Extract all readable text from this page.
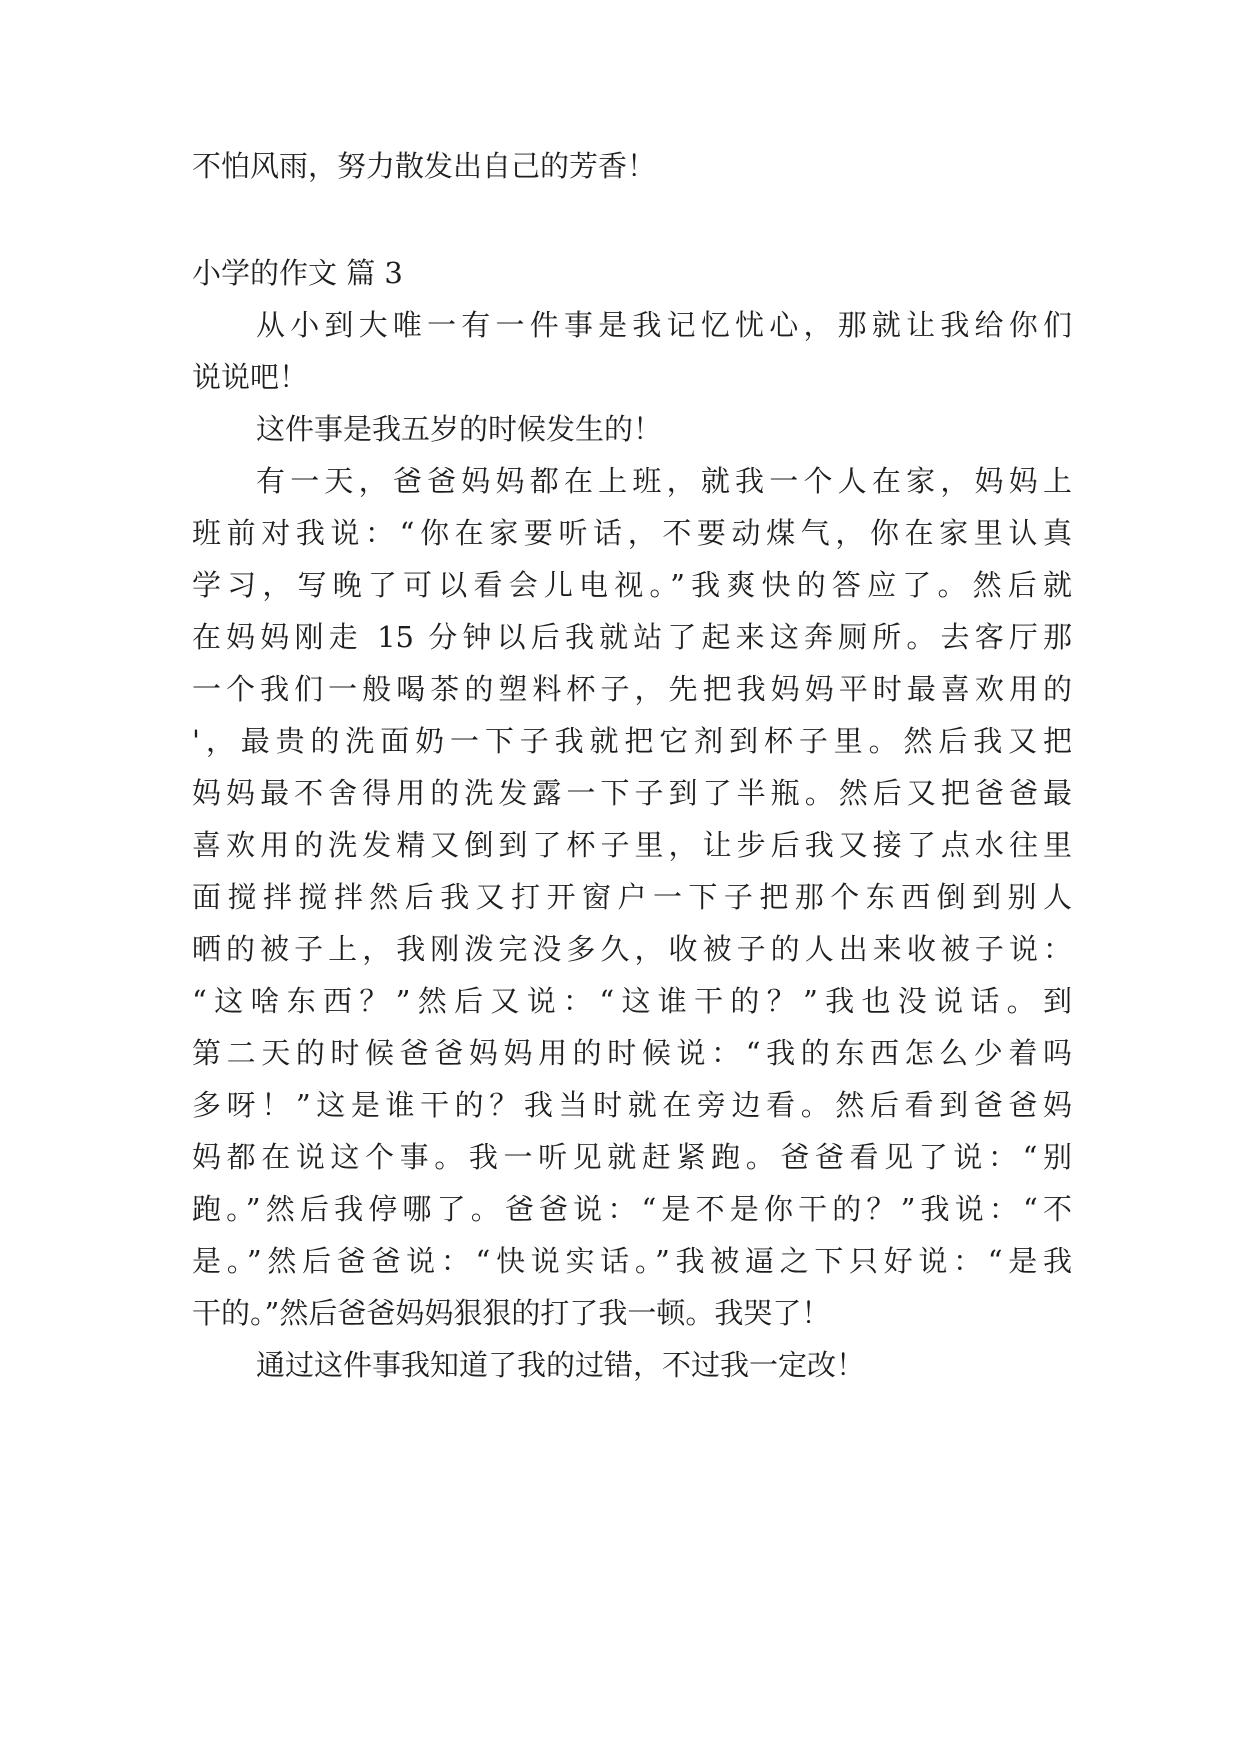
不怕风雨，努力散发出自己的芳香！
小学的作文 篇 3
从小到大唯一有一件事是我记忆忧心，那就让我给你们
说说吧！
这件事是我五岁的时候发生的！
有一天，爸爸妈妈都在上班，就我一个人在家，妈妈上
班前对我说：“你在家要听话，不要动煤气，你在家里认真
学习，写晚了可以看会儿电视。”我爽快的答应了。然后就
在妈妈刚走 15 分钟以后我就站了起来这奔厕所。去客厅那
一个我们一般喝茶的塑料杯子，先把我妈妈平时最喜欢用的
'，最贵的洗面奶一下子我就把它剂到杯子里。然后我又把
妈妈最不舍得用的洗发露一下子到了半瓶。然后又把爸爸最
喜欢用的洗发精又倒到了杯子里，让步后我又接了点水往里
面搅拌搅拌然后我又打开窗户一下子把那个东西倒到别人
晒的被子上，我刚泼完没多久，收被子的人出来收被子说：
“这啥东西？”然后又说：“这谁干的？”我也没说话。到
第二天的时候爸爸妈妈用的时候说：“我的东西怎么少着吗
多呀！”这是谁干的？我当时就在旁边看。然后看到爸爸妈
妈都在说这个事。我一听见就赶紧跑。爸爸看见了说：“别
跑。”然后我停哪了。爸爸说：“是不是你干的？”我说：“不
是。”然后爸爸说：“快说实话。”我被逼之下只好说：“是我
干的。”然后爸爸妈妈狠狠的打了我一顿。我哭了！
通过这件事我知道了我的过错，不过我一定改！
